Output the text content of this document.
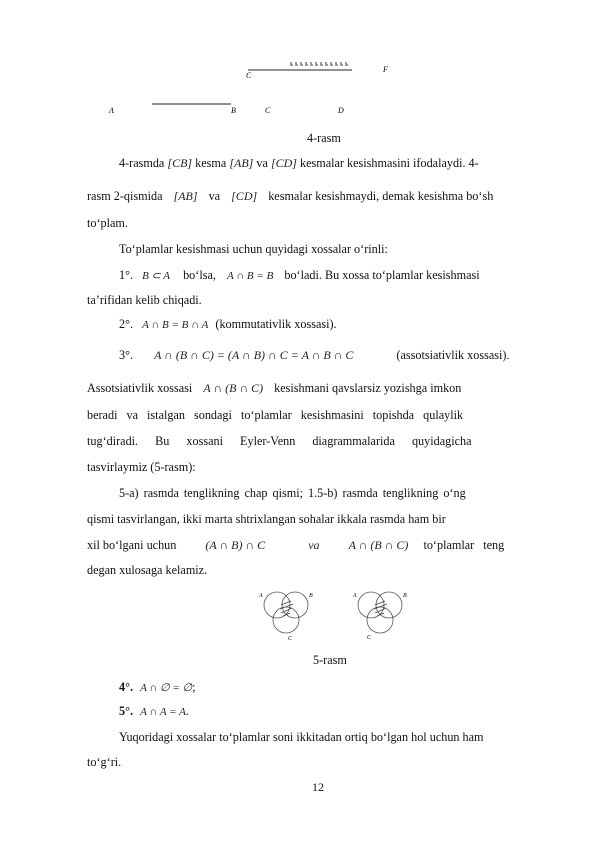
C
F
A	B	C	D
4-rasm
4-rasmda [CB] kesma [AB] va [CD] kesmalar kesishmasini ifodalaydi. 4-
rasm 2-qismida [AB] va [CD] kesmalar kesishmaydi, demak kesishma bo‘sh
to‘plam.
To‘plamlar kesishmasi uchun quyidagi xossalar o‘rinli:
1°. B ⊂ A bo‘lsa, A ∩ B = B bo‘ladi. Bu xossa to‘plamlar kesishmasi
ta’rifidan kelib chiqadi.
2°. A ∩ B = B ∩ A (kommutativlik xossasi).
3°. A ∩ (B ∩ C) = (A ∩ B) ∩ C = A ∩ B ∩ C	(assotsiativlik xossasi).
Assotsiativlik xossasi A ∩ (B ∩ C) kesishmani qavslarsiz yozishga imkon
beradi va istalgan sondagi to‘plamlar kesishmasini topishda qulaylik
tug‘diradi. Bu xossani Eyler-Venn diagrammalarida quyidagicha
tasvirlaymiz (5-rasm):
5-a) rasmda tenglikning chap qismi; 1.5-b) rasmda tenglikning o‘ng
qismi tasvirlangan, ikki marta shtrixlangan sohalar ikkala rasmda ham bir
xil bo‘lgani uchun (A ∩ B) ∩ C	va A ∩ (B ∩ C) to‘plamlar teng
degan xulosaga kelamiz.
A	B
C
A	B
C
5-rasm
4°. A ∩ ∅ = ∅;
5°. A ∩ A = A.
Yuqoridagi xossalar to‘plamlar soni ikkitadan ortiq bo‘lgan hol uchun ham
to‘g‘ri.
12
